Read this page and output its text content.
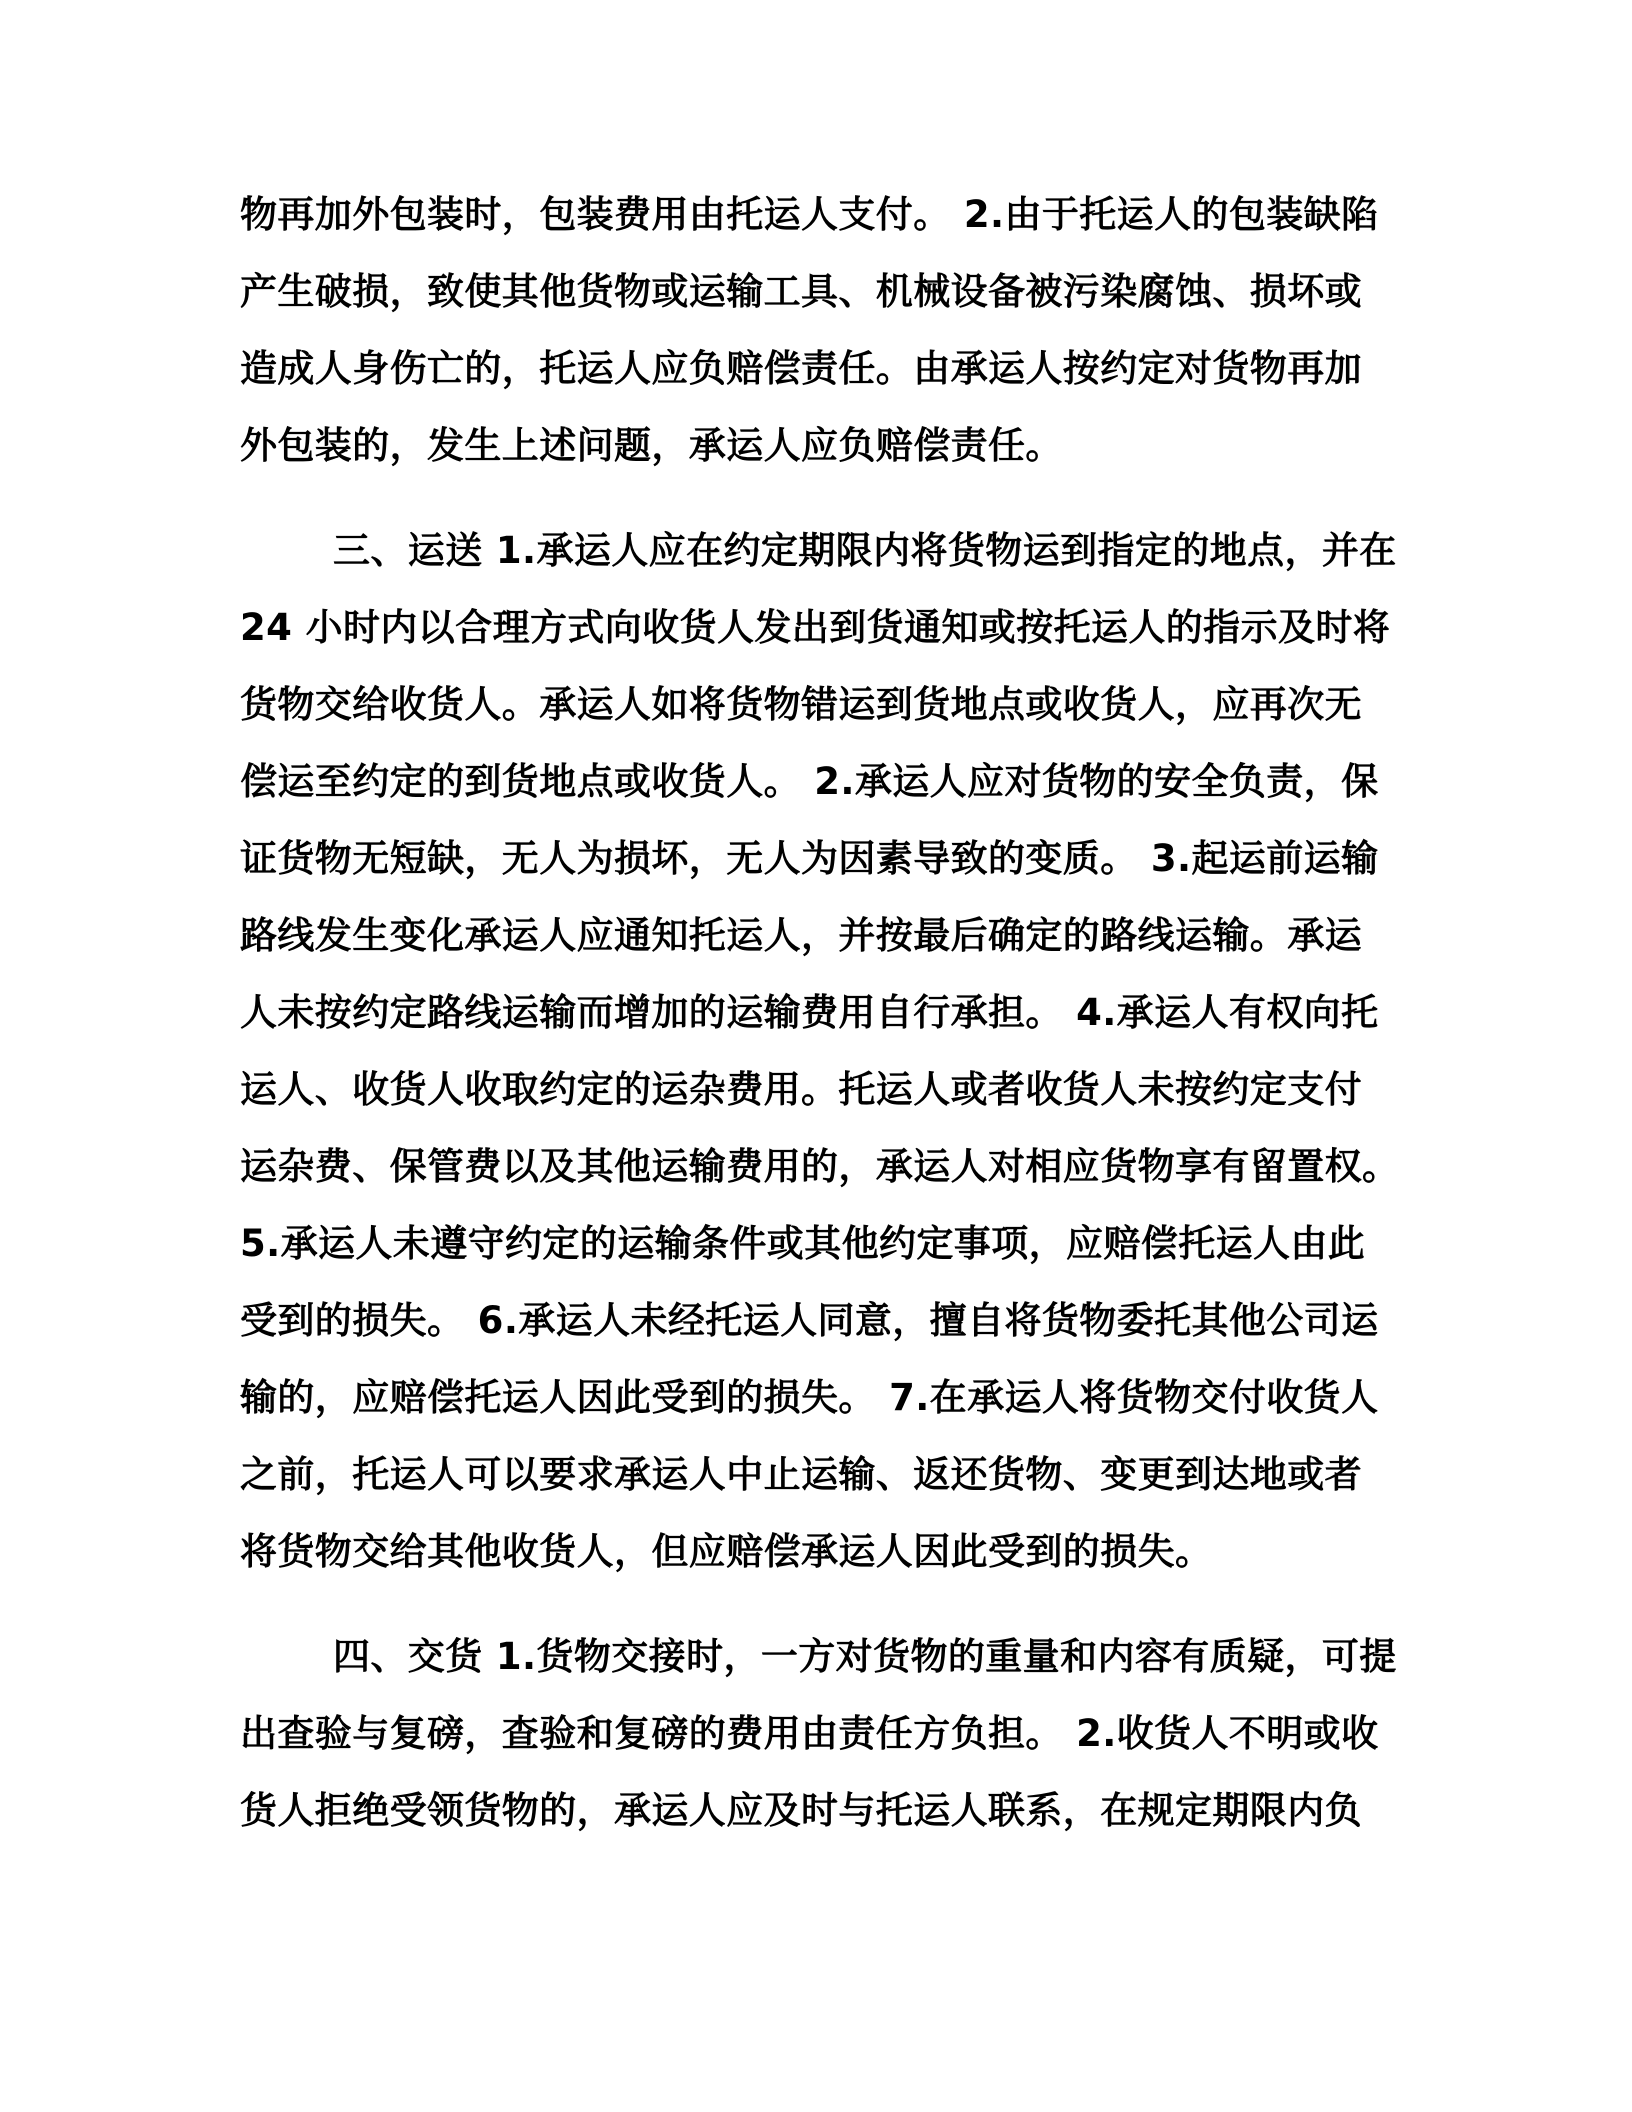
物再加外包装时，包装费用由托运人支付。 2.由于托运人的包装缺陷
产生破损，致使其他货物或运输工具、机械设备被污染腐蚀、损坏或
造成人身伤亡的，托运人应负赔偿责任。由承运人按约定对货物再加
外包装的，发生上述问题，承运人应负赔偿责任。
三、运送 1.承运人应在约定期限内将货物运到指定的地点，并在
24 小时内以合理方式向收货人发出到货通知或按托运人的指示及时将
货物交给收货人。承运人如将货物错运到货地点或收货人，应再次无
偿运至约定的到货地点或收货人。 2.承运人应对货物的安全负责，保
证货物无短缺，无人为损坏，无人为因素导致的变质。 3.起运前运输
路线发生变化承运人应通知托运人，并按最后确定的路线运输。承运
人未按约定路线运输而增加的运输费用自行承担。 4.承运人有权向托
运人、收货人收取约定的运杂费用。托运人或者收货人未按约定支付
运杂费、保管费以及其他运输费用的，承运人对相应货物享有留置权。
5.承运人未遵守约定的运输条件或其他约定事项，应赔偿托运人由此
受到的损失。 6.承运人未经托运人同意，擅自将货物委托其他公司运
输的，应赔偿托运人因此受到的损失。 7.在承运人将货物交付收货人
之前，托运人可以要求承运人中止运输、返还货物、变更到达地或者
将货物交给其他收货人，但应赔偿承运人因此受到的损失。
四、交货 1.货物交接时，一方对货物的重量和内容有质疑，可提
出查验与复磅，查验和复磅的费用由责任方负担。 2.收货人不明或收
货人拒绝受领货物的，承运人应及时与托运人联系，在规定期限内负
